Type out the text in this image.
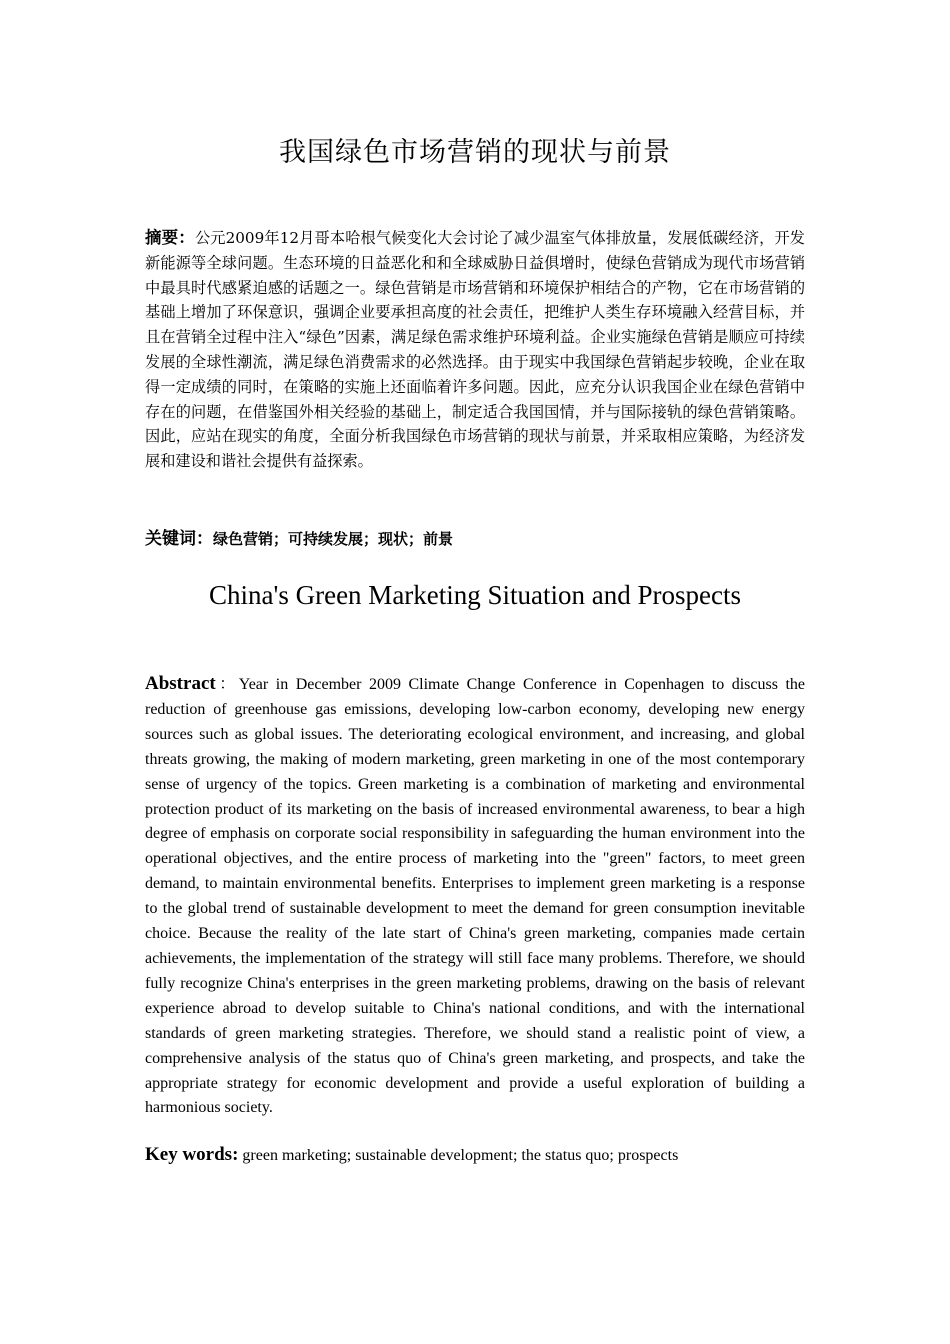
我国绿色市场营销的现状与前景
摘要：公元2009年12月哥本哈根气候变化大会讨论了减少温室气体排放量，发展低碳经济，开发新能源等全球问题。生态环境的日益恶化和和全球威胁日益俱增时，使绿色营销成为现代市场营销中最具时代感紧迫感的话题之一。绿色营销是市场营销和环境保护相结合的产物，它在市场营销的基础上增加了环保意识，强调企业要承担高度的社会责任，把维护人类生存环境融入经营目标，并且在营销全过程中注入“绿色”因素，满足绿色需求维护环境利益。企业实施绿色营销是顺应可持续发展的全球性潮流，满足绿色消费需求的必然选择。由于现实中我国绿色营销起步较晚，企业在取得一定成绩的同时，在策略的实施上还面临着许多问题。因此，应充分认识我国企业在绿色营销中存在的问题，在借鉴国外相关经验的基础上，制定适合我国国情，并与国际接轨的绿色营销策略。因此，应站在现实的角度，全面分析我国绿色市场营销的现状与前景，并采取相应策略，为经济发展和建设和谐社会提供有益探索。
关键词：绿色营销；可持续发展；现状；前景
China's Green Marketing Situation and Prospects
Abstract：Year in December 2009 Climate Change Conference in Copenhagen to discuss the reduction of greenhouse gas emissions, developing low-carbon economy, developing new energy sources such as global issues. The deteriorating ecological environment, and increasing, and global threats growing, the making of modern marketing, green marketing in one of the most contemporary sense of urgency of the topics. Green marketing is a combination of marketing and environmental protection product of its marketing on the basis of increased environmental awareness, to bear a high degree of emphasis on corporate social responsibility in safeguarding the human environment into the operational objectives, and the entire process of marketing into the "green" factors, to meet green demand, to maintain environmental benefits. Enterprises to implement green marketing is a response to the global trend of sustainable development to meet the demand for green consumption inevitable choice. Because the reality of the late start of China's green marketing, companies made certain achievements, the implementation of the strategy will still face many problems. Therefore, we should fully recognize China's enterprises in the green marketing problems, drawing on the basis of relevant experience abroad to develop suitable to China's national conditions, and with the international standards of green marketing strategies. Therefore, we should stand a realistic point of view, a comprehensive analysis of the status quo of China's green marketing, and prospects, and take the appropriate strategy for economic development and provide a useful exploration of building a harmonious society.
Key words: green marketing; sustainable development; the status quo; prospects
